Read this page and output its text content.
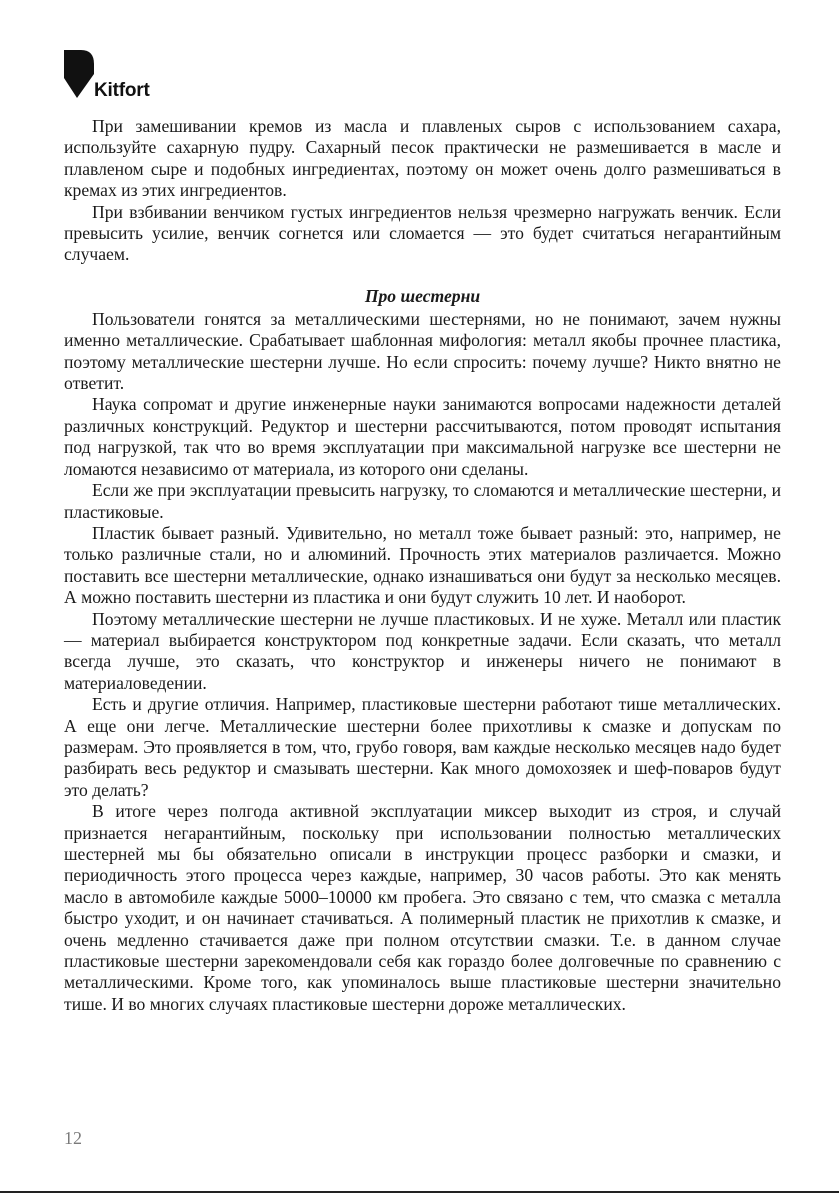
Kitfort

При замешивании кремов из масла и плавленых сыров с использованием сахара, используйте сахарную пудру. Сахарный песок практически не размешивается в масле и плавленом сыре и подобных ингредиентах, поэтому он может очень долго размешиваться в кремах из этих ингредиентов.

При взбивании венчиком густых ингредиентов нельзя чрезмерно нагружать венчик. Если превысить усилие, венчик согнется или сломается — это будет считаться негарантийным случаем.

Про шестерни

Пользователи гонятся за металлическими шестернями, но не понимают, зачем нужны именно металлические. Срабатывает шаблонная мифология: металл якобы прочнее пластика, поэтому металлические шестерни лучше. Но если спросить: почему лучше? Никто внятно не ответит.

Наука сопромат и другие инженерные науки занимаются вопросами надежности деталей различных конструкций. Редуктор и шестерни рассчитываются, потом проводят испытания под нагрузкой, так что во время эксплуатации при максимальной нагрузке все шестерни не ломаются независимо от материала, из которого они сделаны.

Если же при эксплуатации превысить нагрузку, то сломаются и металлические шестерни, и пластиковые.

Пластик бывает разный. Удивительно, но металл тоже бывает разный: это, например, не только различные стали, но и алюминий. Прочность этих материалов различается. Можно поставить все шестерни металлические, однако изнашиваться они будут за несколько месяцев. А можно поставить шестерни из пластика и они будут служить 10 лет. И наоборот.

Поэтому металлические шестерни не лучше пластиковых. И не хуже. Металл или пластик — материал выбирается конструктором под конкретные задачи. Если сказать, что металл всегда лучше, это сказать, что конструктор и инженеры ничего не понимают в материаловедении.

Есть и другие отличия. Например, пластиковые шестерни работают тише металлических. А еще они легче. Металлические шестерни более прихотливы к смазке и допускам по размерам. Это проявляется в том, что, грубо говоря, вам каждые несколько месяцев надо будет разбирать весь редуктор и смазывать шестерни. Как много домохозяек и шеф-поваров будут это делать?

В итоге через полгода активной эксплуатации миксер выходит из строя, и случай признается негарантийным, поскольку при использовании полностью металлических шестерней мы бы обязательно описали в инструкции процесс разборки и смазки, и периодичность этого процесса через каждые, например, 30 часов работы. Это как менять масло в автомобиле каждые 5000–10000 км пробега. Это связано с тем, что смазка с металла быстро уходит, и он начинает стачиваться. А полимерный пластик не прихотлив к смазке, и очень медленно стачивается даже при полном отсутствии смазки. Т.е. в данном случае пластиковые шестерни зарекомендовали себя как гораздо более долговечные по сравнению с металлическими. Кроме того, как упоминалось выше пластиковые шестерни значительно тише. И во многих случаях пластиковые шестерни дороже металлических.

12
